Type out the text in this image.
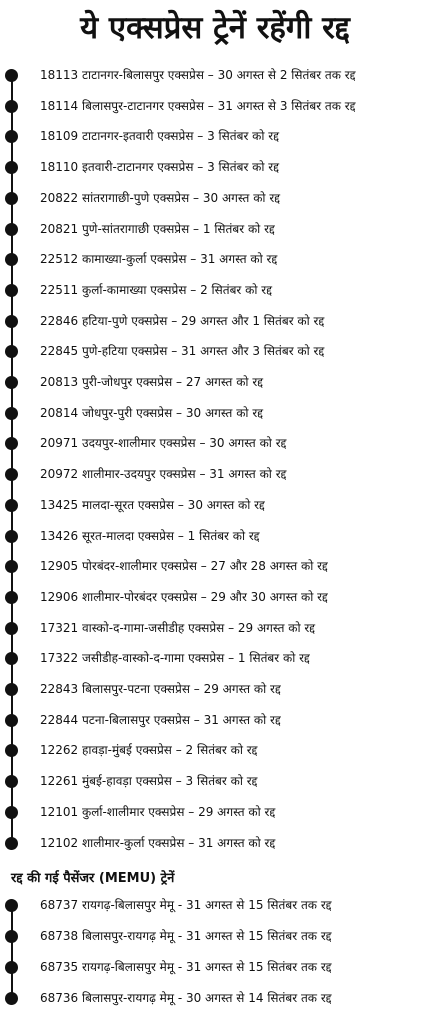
ये एक्सप्रेस ट्रेनें रहेंगी रद्द
18113 टाटानगर-बिलासपुर एक्सप्रेस – 30 अगस्त से 2 सितंबर तक रद्द
18114 बिलासपुर-टाटानगर एक्सप्रेस – 31 अगस्त से 3 सितंबर तक रद्द
18109 टाटानगर-इतवारी एक्सप्रेस – 3 सितंबर को रद्द
18110 इतवारी-टाटानगर एक्सप्रेस – 3 सितंबर को रद्द
20822 सांतरागाछी-पुणे एक्सप्रेस – 30 अगस्त को रद्द
20821 पुणे-सांतरागाछी एक्सप्रेस – 1 सितंबर को रद्द
22512 कामाख्या-कुर्ला एक्सप्रेस – 31 अगस्त को रद्द
22511 कुर्ला-कामाख्या एक्सप्रेस – 2 सितंबर को रद्द
22846 हटिया-पुणे एक्सप्रेस – 29 अगस्त और 1 सितंबर को रद्द
22845 पुणे-हटिया एक्सप्रेस – 31 अगस्त और 3 सितंबर को रद्द
20813 पुरी-जोधपुर एक्सप्रेस – 27 अगस्त को रद्द
20814 जोधपुर-पुरी एक्सप्रेस – 30 अगस्त को रद्द
20971 उदयपुर-शालीमार एक्सप्रेस – 30 अगस्त को रद्द
20972 शालीमार-उदयपुर एक्सप्रेस – 31 अगस्त को रद्द
13425 मालदा-सूरत एक्सप्रेस – 30 अगस्त को रद्द
13426 सूरत-मालदा एक्सप्रेस – 1 सितंबर को रद्द
12905 पोरबंदर-शालीमार एक्सप्रेस – 27 और 28 अगस्त को रद्द
12906 शालीमार-पोरबंदर एक्सप्रेस – 29 और 30 अगस्त को रद्द
17321 वास्को-द-गामा-जसीडीह एक्सप्रेस – 29 अगस्त को रद्द
17322 जसीडीह-वास्को-द-गामा एक्सप्रेस – 1 सितंबर को रद्द
22843 बिलासपुर-पटना एक्सप्रेस – 29 अगस्त को रद्द
22844 पटना-बिलासपुर एक्सप्रेस – 31 अगस्त को रद्द
12262 हावड़ा-मुंबई एक्सप्रेस – 2 सितंबर को रद्द
12261 मुंबई-हावड़ा एक्सप्रेस – 3 सितंबर को रद्द
12101 कुर्ला-शालीमार एक्सप्रेस – 29 अगस्त को रद्द
12102 शालीमार-कुर्ला एक्सप्रेस – 31 अगस्त को रद्द
रद्द की गई पैसेंजर (MEMU) ट्रेनें
68737 रायगढ़-बिलासपुर मेमू - 31 अगस्त से 15 सितंबर तक रद्द
68738 बिलासपुर-रायगढ़ मेमू - 31 अगस्त से 15 सितंबर तक रद्द
68735 रायगढ़-बिलासपुर मेमू - 31 अगस्त से 15 सितंबर तक रद्द
68736 बिलासपुर-रायगढ़ मेमू - 30 अगस्त से 14 सितंबर तक रद्द
